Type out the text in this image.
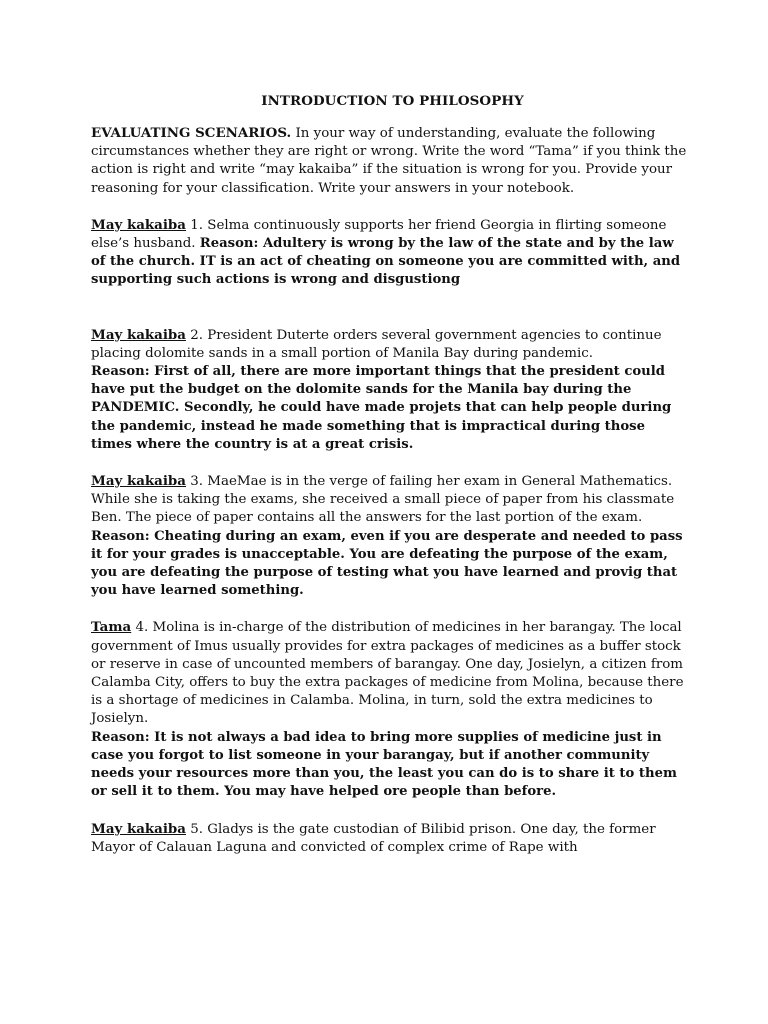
INTRODUCTION TO PHILOSOPHY

EVALUATING SCENARIOS. In your way of understanding, evaluate the following circumstances whether they are right or wrong. Write the word “Tama” if you think the action is right and write “may kakaiba” if the situation is wrong for you. Provide your reasoning for your classification. Write your answers in your notebook.

May kakaiba 1. Selma continuously supports her friend Georgia in flirting someone else’s husband. Reason: Adultery is wrong by the law of the state and by the law of the church. IT is an act of cheating on someone you are committed with, and supporting such actions is wrong and disgustiong

May kakaiba 2. President Duterte orders several government agencies to continue placing dolomite sands in a small portion of Manila Bay during pandemic.

Reason: First of all, there are more important things that the president could have put the budget on the dolomite sands for the Manila bay during the PANDEMIC. Secondly, he could have made projets that can help people during the pandemic, instead he made something that is impractical during those times where the country is at a great crisis.

May kakaiba 3. MaeMae is in the verge of failing her exam in General Mathematics. While she is taking the exams, she received a small piece of paper from his classmate Ben. The piece of paper contains all the answers for the last portion of the exam.

Reason: Cheating during an exam, even if you are desperate and needed to pass it for your grades is unacceptable. You are defeating the purpose of the exam, you are defeating the purpose of testing what you have learned and provig that you have learned something.

Tama 4. Molina is in-charge of the distribution of medicines in her barangay. The local government of Imus usually provides for extra packages of medicines as a buffer stock or reserve in case of uncounted members of barangay. One day, Josielyn, a citizen from Calamba City, offers to buy the extra packages of medicine from Molina, because there is a shortage of medicines in Calamba. Molina, in turn, sold the extra medicines to Josielyn.

Reason: It is not always a bad idea to bring more supplies of medicine just in case you forgot to list someone in your barangay, but if another community needs your resources more than you, the least you can do is to share it to them or sell it to them. You may have helped ore people than before.

May kakaiba 5. Gladys is the gate custodian of Bilibid prison. One day, the former Mayor of Calauan Laguna and convicted of complex crime of Rape with
